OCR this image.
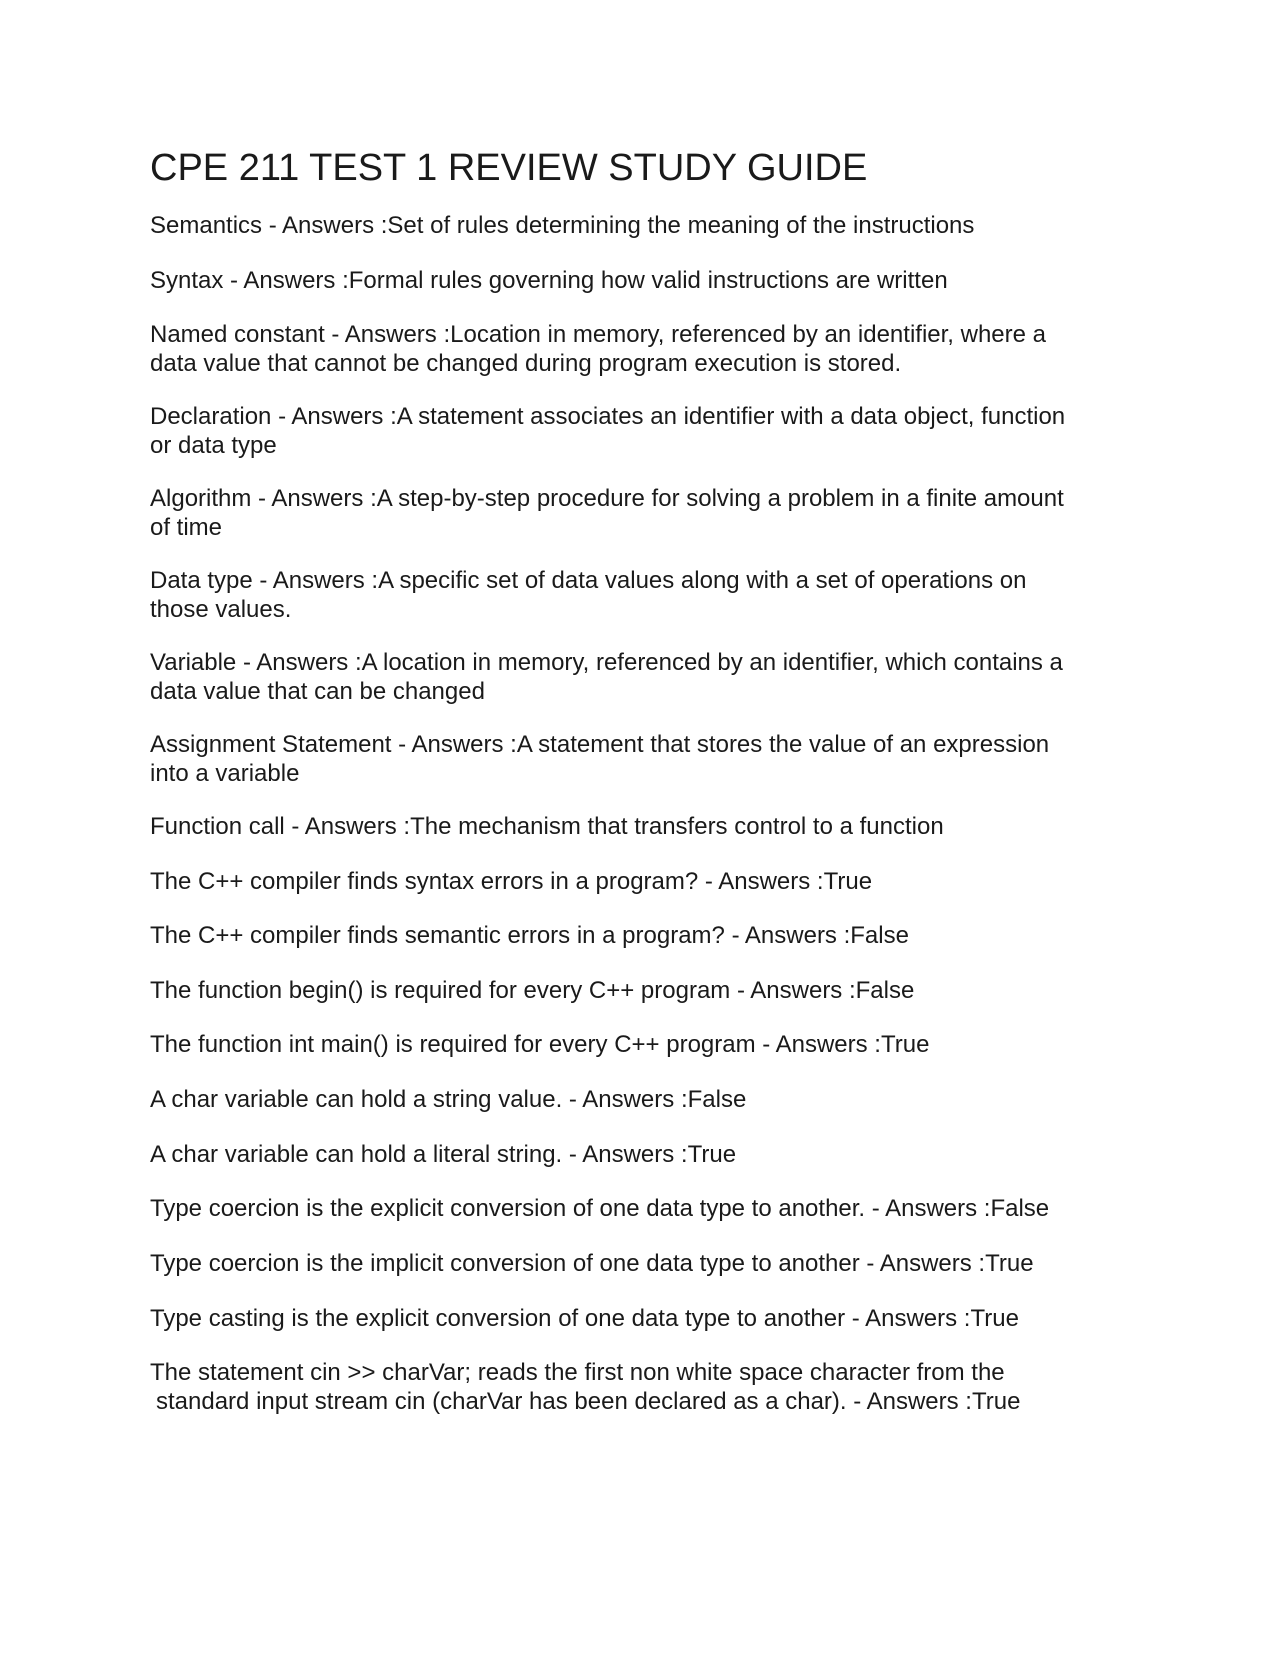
CPE 211 TEST 1 REVIEW STUDY GUIDE

Semantics - Answers :Set of rules determining the meaning of the instructions

Syntax - Answers :Formal rules governing how valid instructions are written

Named constant - Answers :Location in memory, referenced by an identifier, where a
data value that cannot be changed during program execution is stored.

Declaration - Answers :A statement associates an identifier with a data object, function
or data type

Algorithm - Answers :A step-by-step procedure for solving a problem in a finite amount
of time

Data type - Answers :A specific set of data values along with a set of operations on
those values.

Variable - Answers :A location in memory, referenced by an identifier, which contains a
data value that can be changed

Assignment Statement - Answers :A statement that stores the value of an expression
into a variable

Function call - Answers :The mechanism that transfers control to a function

The C++ compiler finds syntax errors in a program? - Answers :True

The C++ compiler finds semantic errors in a program? - Answers :False

The function begin() is required for every C++ program - Answers :False

The function int main() is required for every C++ program - Answers :True

A char variable can hold a string value. - Answers :False

A char variable can hold a literal string. - Answers :True

Type coercion is the explicit conversion of one data type to another. - Answers :False

Type coercion is the implicit conversion of one data type to another - Answers :True

Type casting is the explicit conversion of one data type to another - Answers :True

The statement cin >> charVar; reads the first non white space character from the
standard input stream cin (charVar has been declared as a char). - Answers :True
